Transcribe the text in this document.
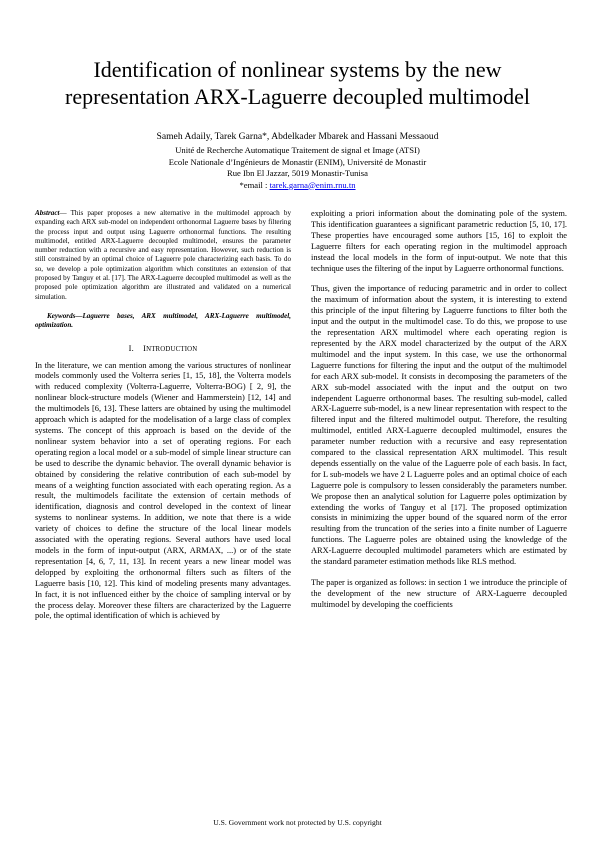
Identification of nonlinear systems by the new
representation ARX-Laguerre decoupled multimodel

Sameh Adaily, Tarek Garna*, Abdelkader Mbarek and Hassani Messaoud

Unité de Recherche Automatique Traitement de signal et Image (ATSI)

Ecole Nationale d’Ingénieurs de Monastir (ENIM), Université de Monastir

Rue Ibn El Jazzar, 5019 Monastir-Tunisa

*email : tarek.garna@enim.rnu.tn

Abstract— This paper proposes a new alternative in the multimodel approach by expanding each ARX sub-model on independent orthonormal Laguerre bases by filtering the process input and output using Laguerre orthonormal functions. The resulting multimodel, entitled ARX-Laguerre decoupled multimodel, ensures the parameter number reduction with a recursive and easy representation. However, such reduction is still constrained by an optimal choice of Laguerre pole characterizing each basis. To do so, we develop a pole optimization algorithm which constitutes an extension of that proposed by Tanguy et al. [17]. The ARX-Laguerre decoupled multimodel as well as the proposed pole optimization algorithm are illustrated and validated on a numerical simulation.

Keywords—Laguerre bases, ARX multimodel, ARX-Laguerre multimodel, optimization.

I. INTRODUCTION

In the literature, we can mention among the various structures of nonlinear models commonly used the Volterra series [1, 15, 18], the Volterra models with reduced complexity (Volterra-Laguerre, Volterra-BOG) [ 2, 9], the nonlinear block-structure models (Wiener and Hammerstein) [12, 14] and the multimodels [6, 13]. These latters are obtained by using the multimodel approach which is adapted for the modelisation of a large class of complex systems. The concept of this approach is based on the devide of the nonlinear system behavior into a set of operating regions. For each operating region a local model or a sub-model of simple linear structure can be used to describe the dynamic behavior. The overall dynamic behavior is obtained by considering the relative contribution of each sub-model by means of a weighting function associated with each operating region. As a result, the multimodels facilitate the extension of certain methods of identification, diagnosis and control developed in the context of linear systems to nonlinear systems. In addition, we note that there is a wide variety of choices to define the structure of the local linear models associated with the operating regions. Several authors have used local models in the form of input-output (ARX, ARMAX, ...) or of the state representation [4, 6, 7, 11, 13]. In recent years a new linear model was delopped by exploiting the orthonormal filters such as filters of the Laguerre basis [10, 12]. This kind of modeling presents many advantages. In fact, it is not influenced either by the choice of sampling interval or by the process delay. Moreover these filters are characterized by the Laguerre pole, the optimal identification of which is achieved by

exploiting a priori information about the dominating pole of the system. This identification guarantees a significant parametric reduction [5, 10, 17]. These properties have encouraged some authors [15, 16] to exploit the Laguerre filters for each operating region in the multimodel approach instead the local models in the form of input-output. We note that this technique uses the filtering of the input by Laguerre orthonormal functions.

Thus, given the importance of reducing parametric and in order to collect the maximum of information about the system, it is interesting to extend this principle of the input filtering by Laguerre functions to filter both the input and the output in the multimodel case. To do this, we propose to use the representation ARX multimodel where each operating region is represented by the ARX model characterized by the output of the ARX multimodel and the input system. In this case, we use the orthonormal Laguerre functions for filtering the input and the output of the multimodel for each ARX sub-model. It consists in decomposing the parameters of the ARX sub-model associated with the input and the output on two independent Laguerre orthonormal bases. The resulting sub-model, called ARX-Laguerre sub-model, is a new linear representation with respect to the filtered input and the filtered multimodel output. Therefore, the resulting multimodel, entitled ARX-Laguerre decoupled multimodel, ensures the parameter number reduction with a recursive and easy representation compared to the classical representation ARX multimodel. This result depends essentially on the value of the Laguerre pole of each basis. In fact, for L sub-models we have 2 L Laguerre poles and an optimal choice of each Laguerre pole is compulsory to lessen considerably the parameters number. We propose then an analytical solution for Laguerre poles optimization by extending the works of Tanguy et al [17]. The proposed optimization consists in minimizing the upper bound of the squared norm of the error resulting from the truncation of the series into a finite number of Laguerre functions. The Laguerre poles are obtained using the knowledge of the ARX-Laguerre decoupled multimodel parameters which are estimated by the standard parameter estimation methods like RLS method.

The paper is organized as follows: in section 1 we introduce the principle of the development of the new structure of ARX-Laguerre decoupled multimodel by developing the coefficients

U.S. Government work not protected by U.S. copyright
